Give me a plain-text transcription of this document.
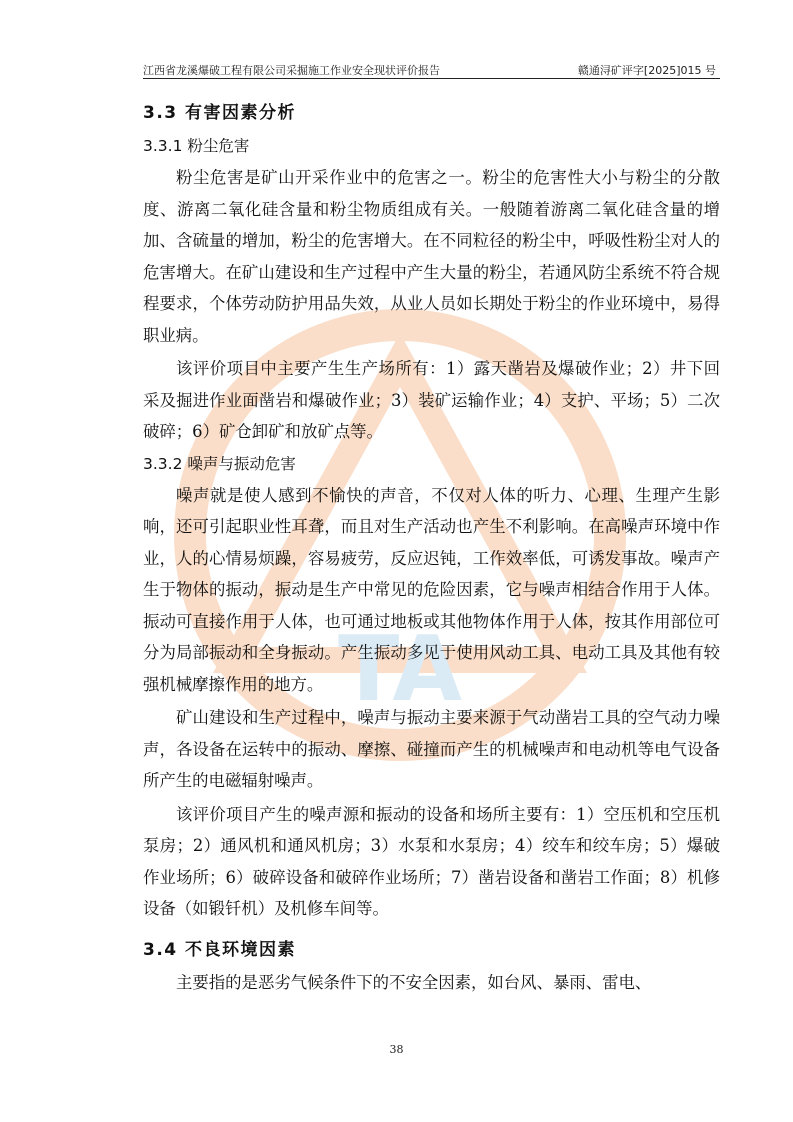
江西省龙溪爆破工程有限公司采掘施工作业安全现状评价报告	赣通浔矿评字[2025]015 号
TA
3.3 有害因素分析
3.3.1 粉尘危害

粉尘危害是矿山开采作业中的危害之一。粉尘的危害性大小与粉尘的分散度、游离二氧化硅含量和粉尘物质组成有关。一般随着游离二氧化硅含量的增加、含硫量的增加，粉尘的危害增大。在不同粒径的粉尘中，呼吸性粉尘对人的危害增大。在矿山建设和生产过程中产生大量的粉尘，若通风防尘系统不符合规程要求，个体劳动防护用品失效，从业人员如长期处于粉尘的作业环境中，易得职业病。

该评价项目中主要产生生产场所有：1）露天凿岩及爆破作业；2）井下回采及掘进作业面凿岩和爆破作业；3）装矿运输作业；4）支护、平场；5）二次破碎；6）矿仓卸矿和放矿点等。

3.3.2 噪声与振动危害

噪声就是使人感到不愉快的声音，不仅对人体的听力、心理、生理产生影响，还可引起职业性耳聋，而且对生产活动也产生不利影响。在高噪声环境中作业，人的心情易烦躁，容易疲劳，反应迟钝，工作效率低，可诱发事故。噪声产生于物体的振动，振动是生产中常见的危险因素，它与噪声相结合作用于人体。振动可直接作用于人体，也可通过地板或其他物体作用于人体，按其作用部位可分为局部振动和全身振动。产生振动多见于使用风动工具、电动工具及其他有较强机械摩擦作用的地方。

矿山建设和生产过程中，噪声与振动主要来源于气动凿岩工具的空气动力噪声，各设备在运转中的振动、摩擦、碰撞而产生的机械噪声和电动机等电气设备所产生的电磁辐射噪声。

该评价项目产生的噪声源和振动的设备和场所主要有：1）空压机和空压机泵房；2）通风机和通风机房；3）水泵和水泵房；4）绞车和绞车房；5）爆破作业场所；6）破碎设备和破碎作业场所；7）凿岩设备和凿岩工作面；8）机修设备（如锻钎机）及机修车间等。

3.4 不良环境因素

主要指的是恶劣气候条件下的不安全因素，如台风、暴雨、雷电、

38
